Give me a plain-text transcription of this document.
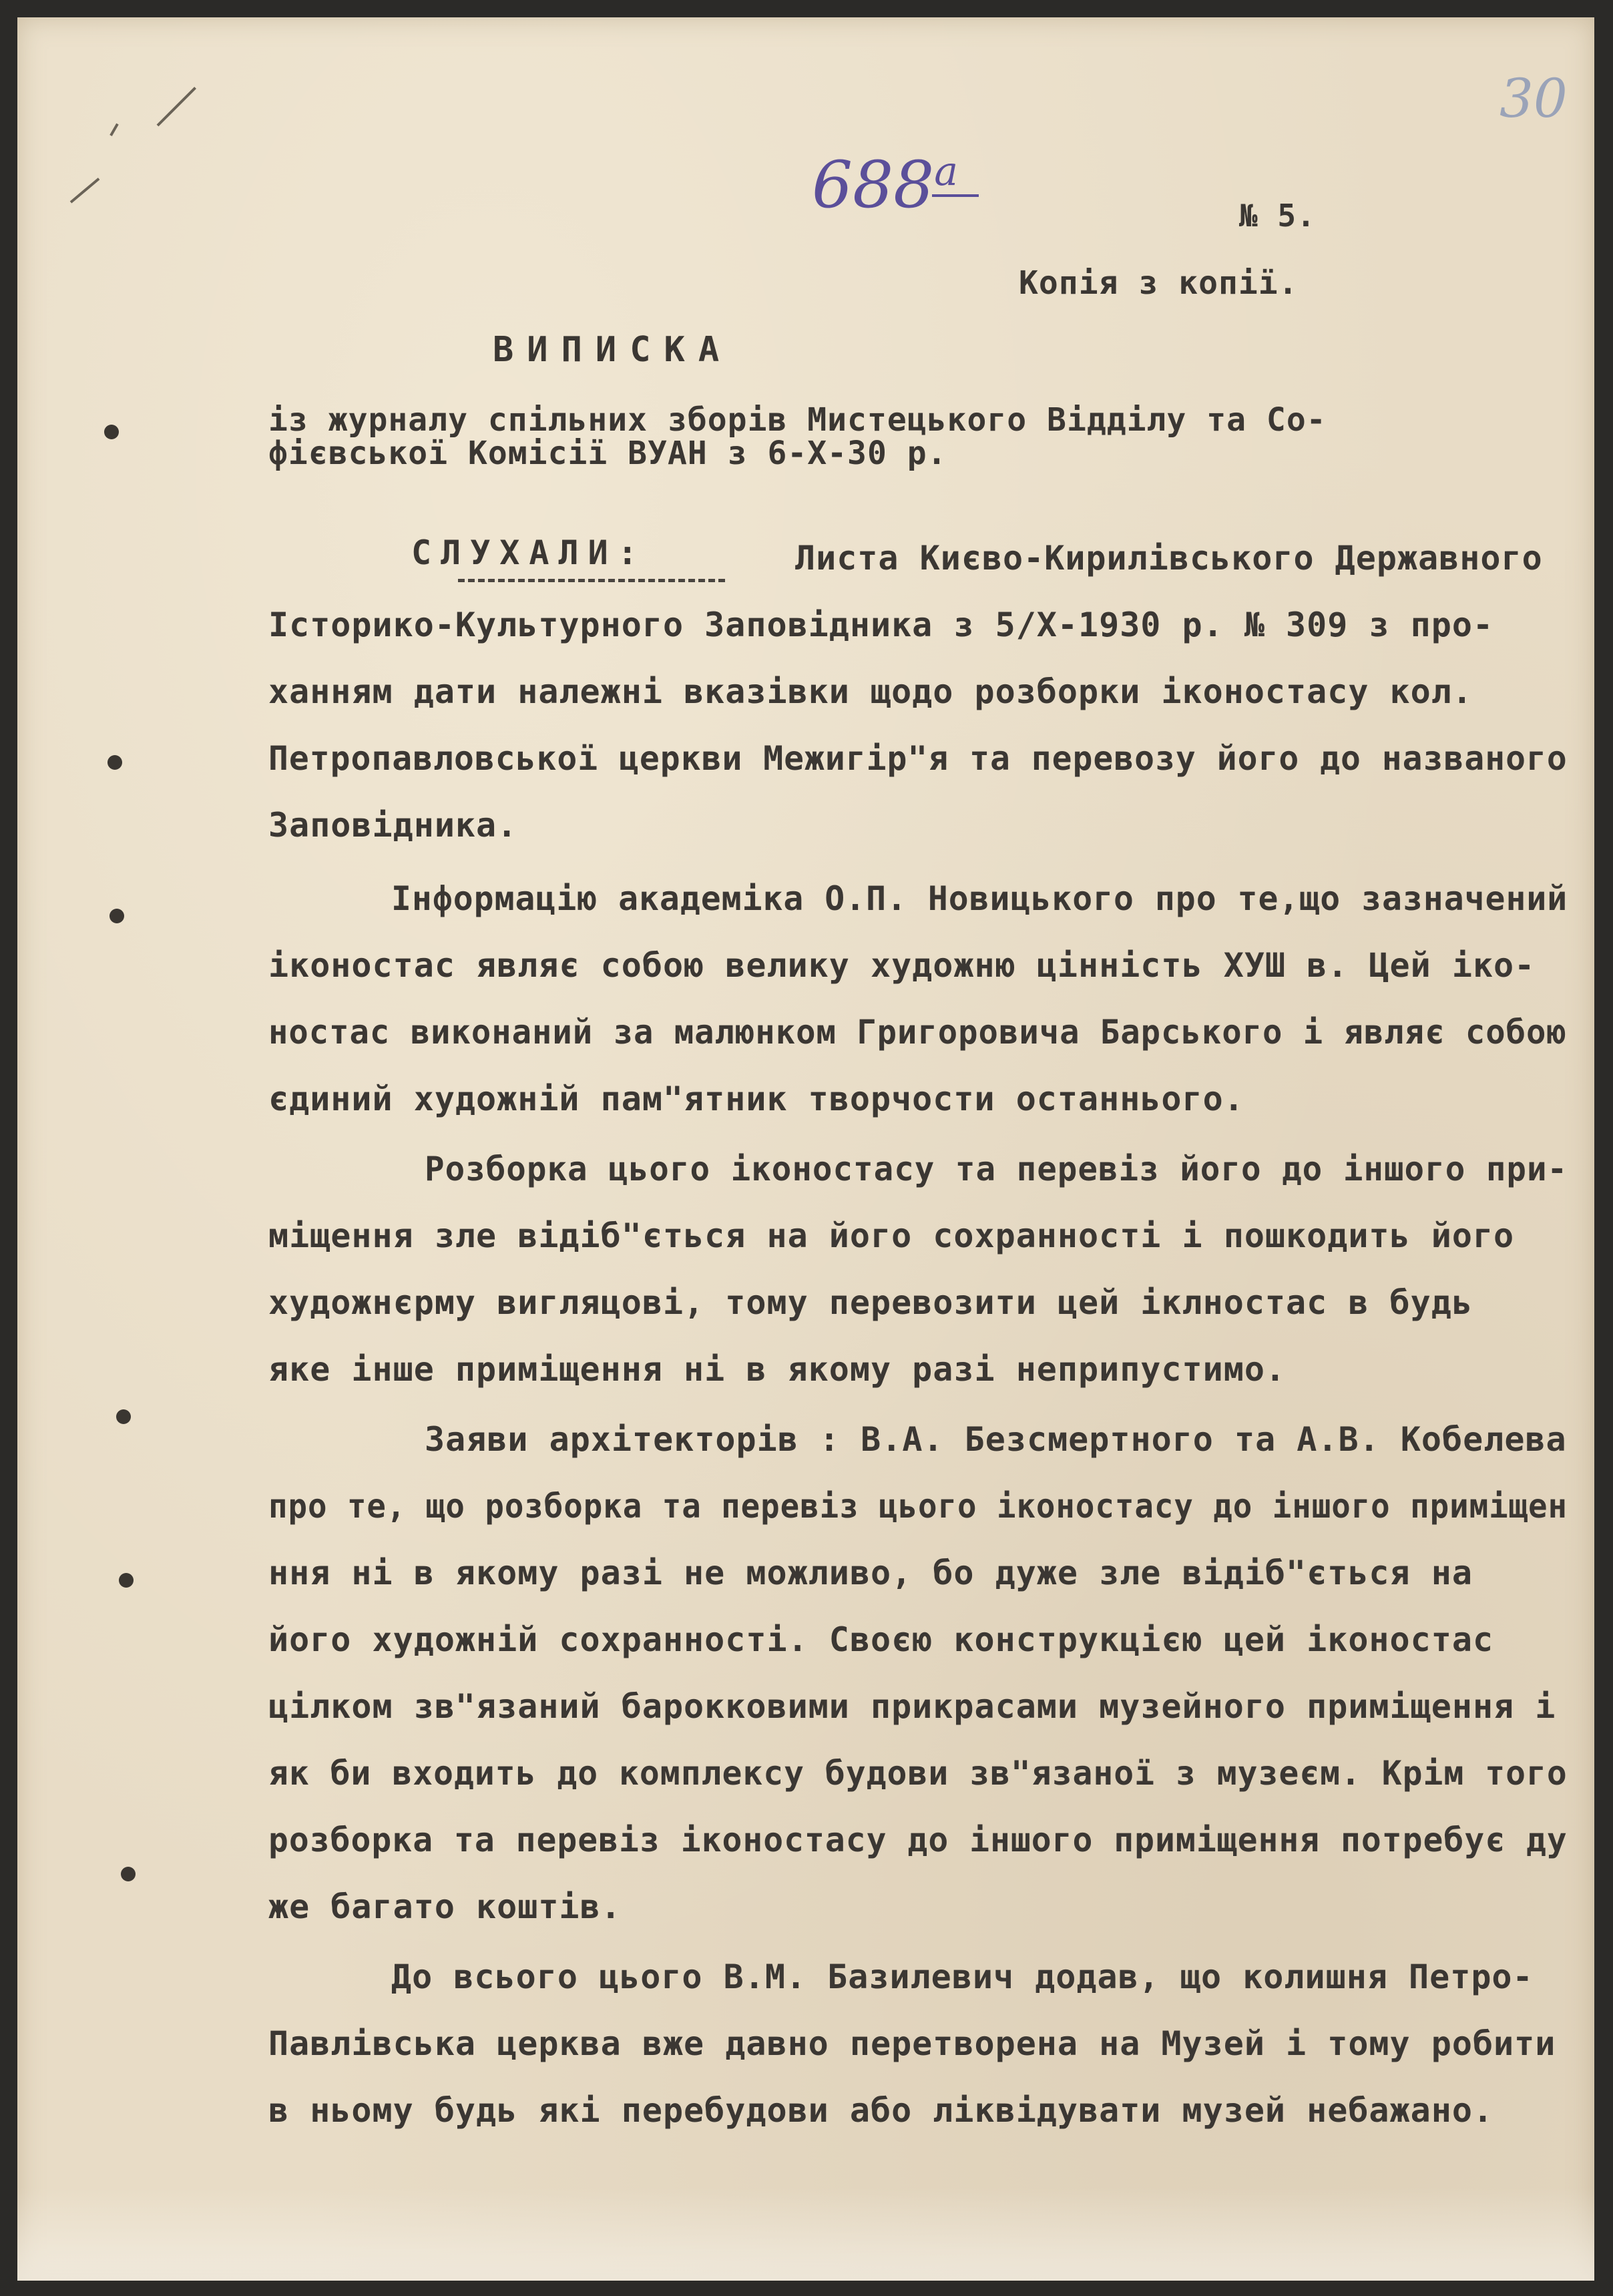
688$^a$

30

№ 5.

Копія з копії.

ВИПИСКА

із журналу спільних зборів Мистецького Відділу та Со-

фієвської Комісії ВУАН з 6-Х-30 р.

СЛУХАЛИ:	Листа Києво-Кирилівського Державного

Історико-Культурного Заповідника з 5/Х-1930 р. № 309 з про-

ханням дати належні вказівки щодо розборки іконостасу кол.

Петропавловської церкви Межигір"я та перевозу його до названого

Заповідника.

Інформацію академіка О.П. Новицького про те,що зазначений

іконостас являє собою велику художню цінність ХУШ в. Цей іко-

ностас виконаний за малюнком Григоровича Барського і являє собою

єдиний художній пам"ятник творчости останнього.

Розборка цього іконостасу та перевіз його до іншого при-

міщення зле відіб"ється на його сохранності і пошкодить його

художнєрму вигляцові, тому перевозити цей іклностас в будь

яке інше приміщення ні в якому разі неприпустимо.

Заяви архітекторів : В.А. Безсмертного та А.В. Кобелева

про те, що розборка та перевіз цього іконостасу до іншого приміщен

ння ні в якому разі не можливо, бо дуже зле відіб"ється на

його художній сохранності. Своєю конструкцією цей іконостас

цілком зв"язаний барокковими прикрасами музейного приміщення і

як би входить до комплексу будови зв"язаної з музеєм. Крім того

розборка та перевіз іконостасу до іншого приміщення потребує ду

же багато коштів.

До всього цього В.М. Базилевич додав, що колишня Петро-

Павлівська церква вже давно перетворена на Музей і тому робити

в ньому будь які перебудови або ліквідувати музей небажано.
